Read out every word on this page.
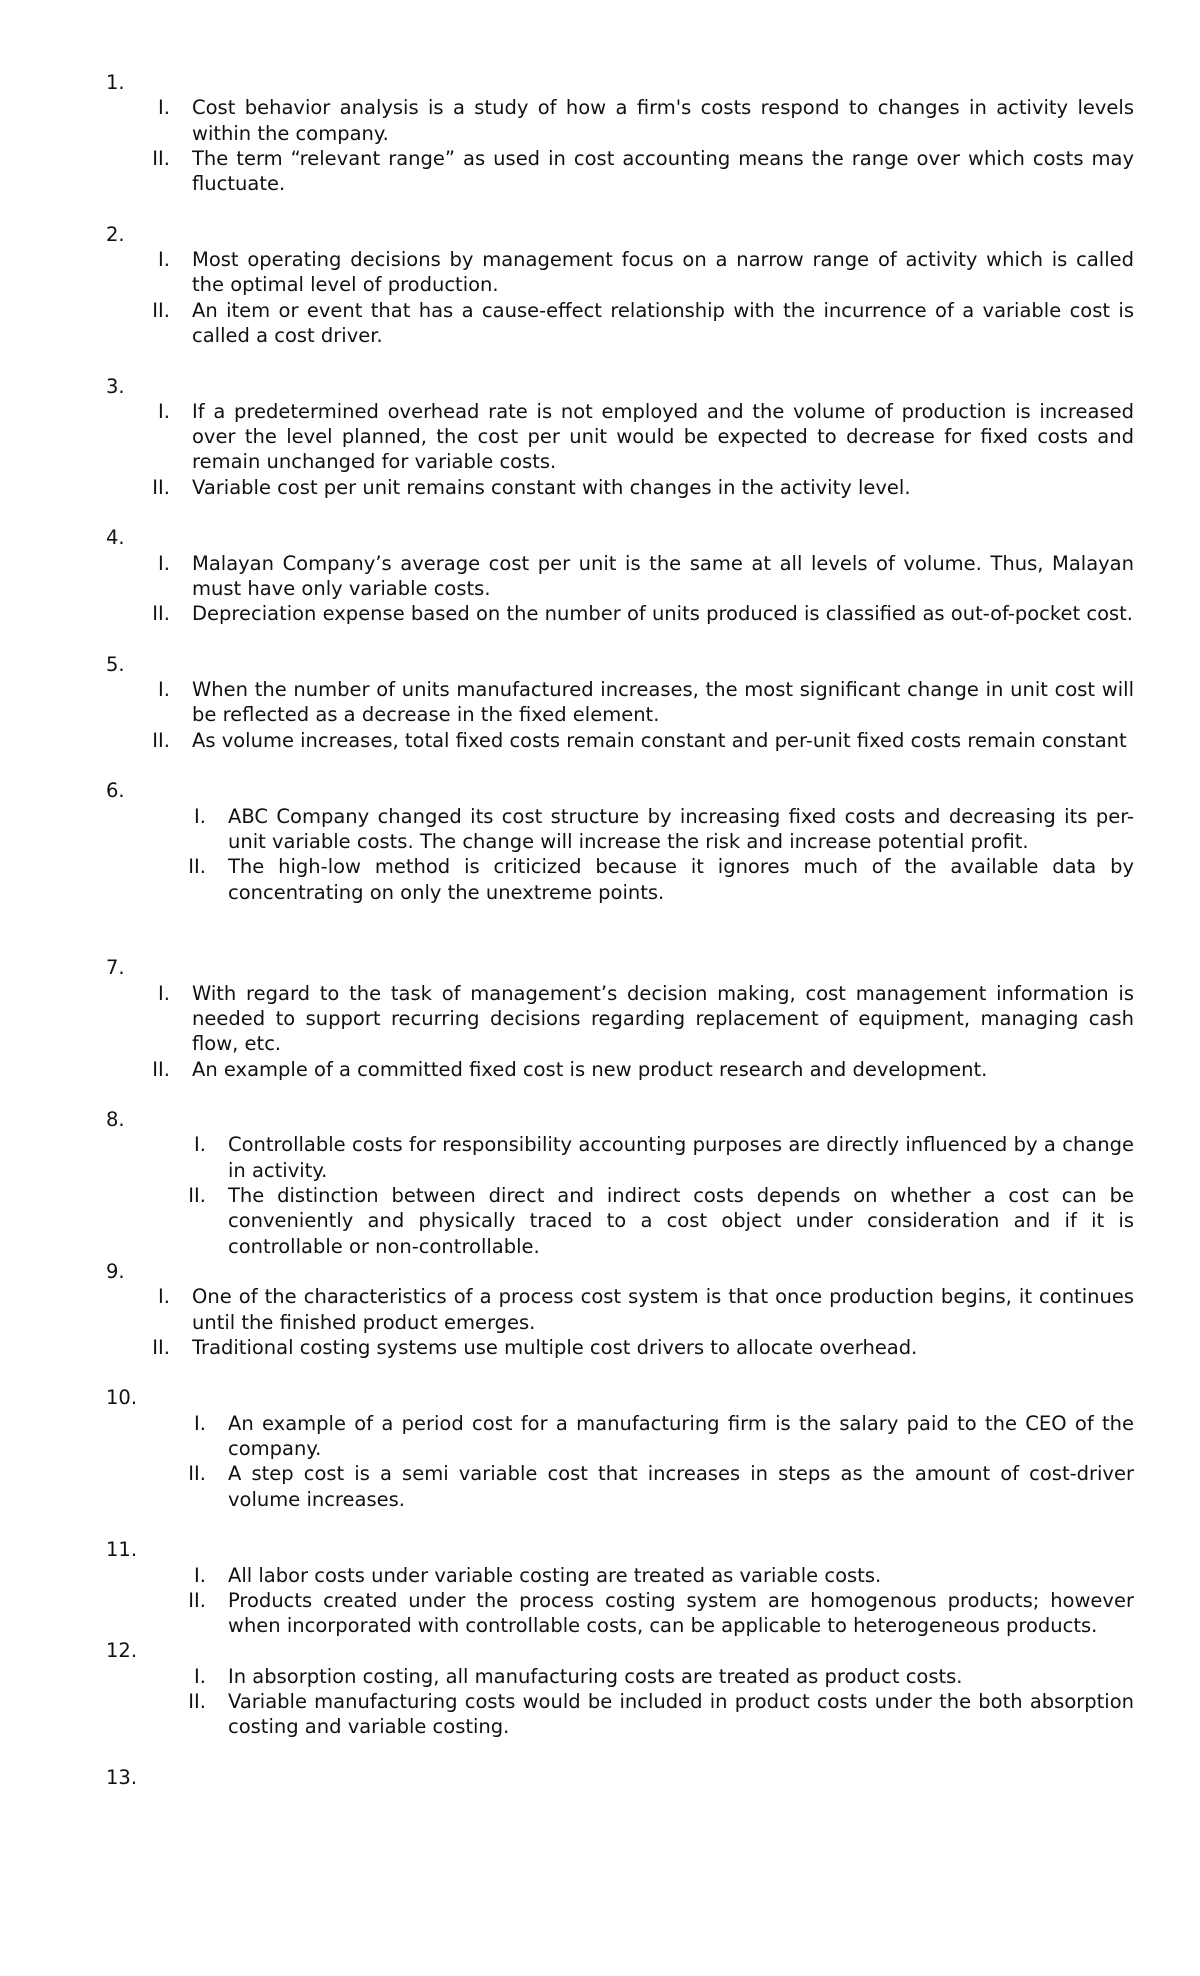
1.
I.	Cost behavior analysis is a study of how a firm's costs respond to changes in activity levels within the company.
II.	The term “relevant range” as used in cost accounting means the range over which costs may fluctuate.
2.
I.	Most operating decisions by management focus on a narrow range of activity which is called the optimal level of production.
II.	An item or event that has a cause-effect relationship with the incurrence of a variable cost is called a cost driver.
3.
I.	If a predetermined overhead rate is not employed and the volume of production is increased over the level planned, the cost per unit would be expected to decrease for fixed costs and remain unchanged for variable costs.
II.	Variable cost per unit remains constant with changes in the activity level.
4.
I.	Malayan Company’s average cost per unit is the same at all levels of volume. Thus, Malayan must have only variable costs.
II.	Depreciation expense based on the number of units produced is classified as out-of-pocket cost.
5.
I.	When the number of units manufactured increases, the most significant change in unit cost will be reflected as a decrease in the fixed element.
II.	As volume increases, total fixed costs remain constant and per-unit fixed costs remain constant
6.
I.	ABC Company changed its cost structure by increasing fixed costs and decreasing its per-unit variable costs. The change will increase the risk and increase potential profit.
II.	The high-low method is criticized because it ignores much of the available data by concentrating on only the unextreme points.
7.
I.	With regard to the task of management’s decision making, cost management information is needed to support recurring decisions regarding replacement of equipment, managing cash flow, etc.
II.	An example of a committed fixed cost is new product research and development.
8.
I.	Controllable costs for responsibility accounting purposes are directly influenced by a change in activity.
II.	The distinction between direct and indirect costs depends on whether a cost can be conveniently and physically traced to a cost object under consideration and if it is controllable or non-controllable.
9.
I.	One of the characteristics of a process cost system is that once production begins, it continues until the finished product emerges.
II.	Traditional costing systems use multiple cost drivers to allocate overhead.
10.
I.	An example of a period cost for a manufacturing firm is the salary paid to the CEO of the company.
II.	A step cost is a semi variable cost that increases in steps as the amount of cost-driver volume increases.
11.
I.	All labor costs under variable costing are treated as variable costs.
II.	Products created under the process costing system are homogenous products; however when incorporated with controllable costs, can be applicable to heterogeneous products.
12.
I.	In absorption costing, all manufacturing costs are treated as product costs.
II.	Variable manufacturing costs would be included in product costs under the both absorption costing and variable costing.
13.
